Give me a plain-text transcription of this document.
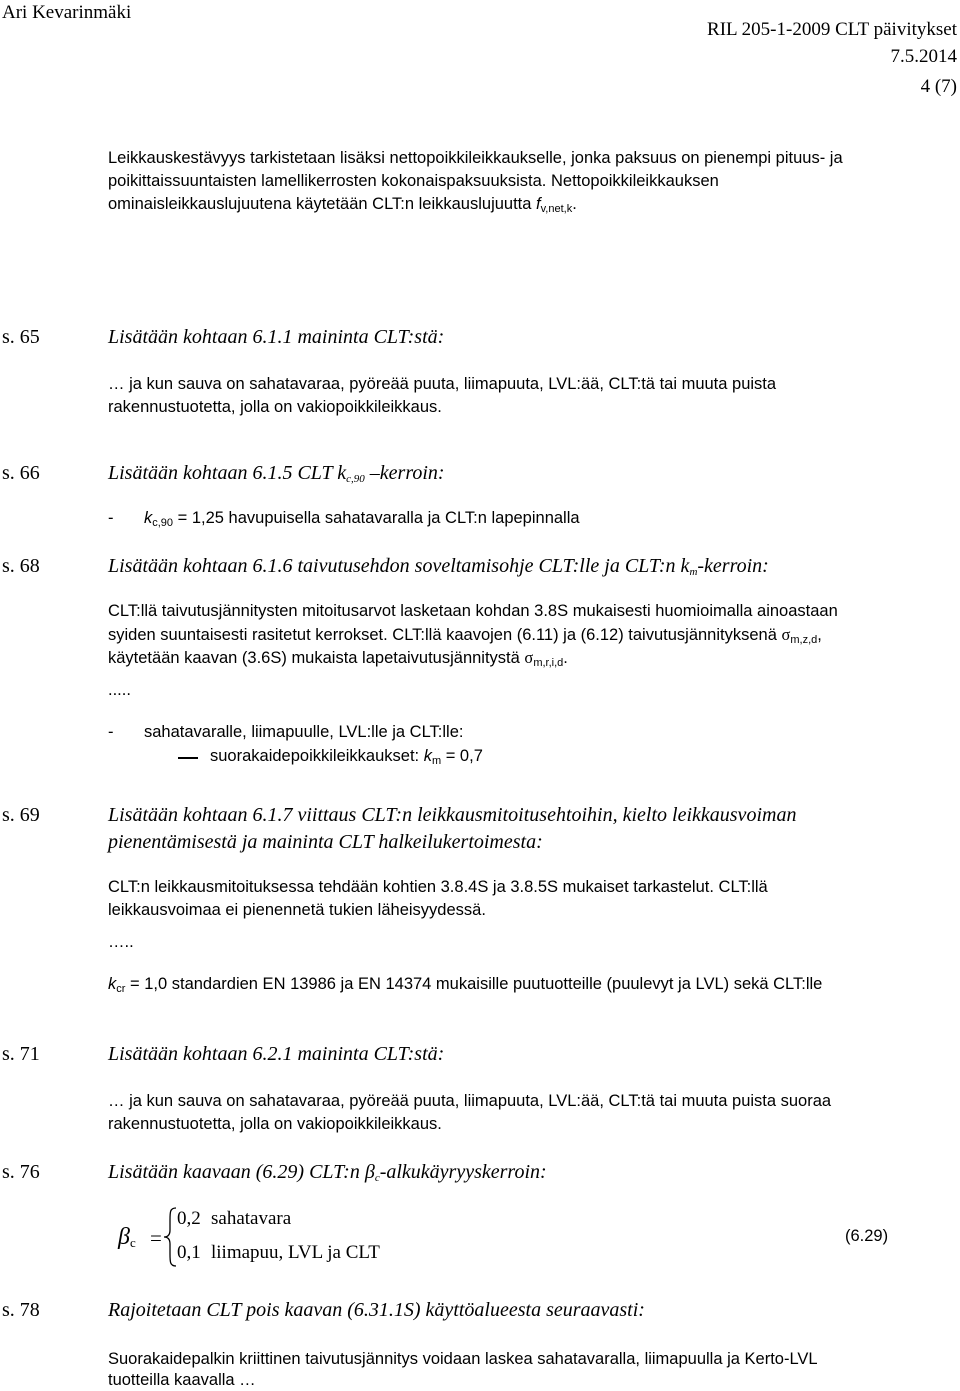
Ari Kevarinmäki
RIL 205-1-2009 CLT päivitykset
7.5.2014
4 (7)
Leikkauskestävyys tarkistetaan lisäksi nettopoikkileikkaukselle, jonka paksuus on pienempi pituus- ja
poikittaissuuntaisten lamellikerrosten kokonaispaksuuksista. Nettopoikkileikkauksen
ominaisleikkauslujuutena käytetään CLT:n leikkauslujuutta $f_{v,net,k}$.
s. 65	Lisätään kohtaan 6.1.1 maininta CLT:stä:
… ja kun sauva on sahatavaraa, pyöreää puuta, liimapuuta, LVL:ää, CLT:tä tai muuta puista
rakennustuotetta, jolla on vakiopoikkileikkaus.
s. 66	Lisätään kohtaan 6.1.5 CLT $k_{c,90}$ –kerroin:
- $k_{c,90} = 1,25$ havupuisella sahatavaralla ja CLT:n lapepinnalla
s. 68	Lisätään kohtaan 6.1.6 taivutusehdon soveltamisohje CLT:lle ja CLT:n $k_m$-kerroin:
CLT:llä taivutusjännitysten mitoitusarvot lasketaan kohdan 3.8S mukaisesti huomioimalla ainoastaan
syiden suuntaisesti rasitetut kerrokset. CLT:llä kaavojen (6.11) ja (6.12) taivutusjännityksenä $\sigma_{m,z,d}$,
käytetään kaavan (3.6S) mukaista lapetaivutusjännitystä $\sigma_{m,r,i,d}$.
.....
- sahatavaralle, liimapuulle, LVL:lle ja CLT:lle:
suorakaidepoikkileikkaukset: $k_m = 0,7$
s. 69	Lisätään kohtaan 6.1.7 viittaus CLT:n leikkausmitoitusehtoihin, kielto leikkausvoiman
pienentämisestä ja maininta CLT halkeilukertoimesta:
CLT:n leikkausmitoituksessa tehdään kohtien 3.8.4S ja 3.8.5S mukaiset tarkastelut. CLT:llä
leikkausvoimaa ei pienennetä tukien läheisyydessä.
…..
$k_{cr} = 1,0$ standardien EN 13986 ja EN 14374 mukaisille puutuotteille (puulevyt ja LVL) sekä CLT:lle
s. 71	Lisätään kohtaan 6.2.1 maininta CLT:stä:
… ja kun sauva on sahatavaraa, pyöreää puuta, liimapuuta, LVL:ää, CLT:tä tai muuta puista suoraa
rakennustuotetta, jolla on vakiopoikkileikkaus.
s. 76	Lisätään kaavaan (6.29) CLT:n $\beta_c$-alkukäyryyskerroin:
$\beta_c$ =
0,2 sahatavara
0,1 liimapuu, LVL ja CLT
(6.29)
s. 78	Rajoitetaan CLT pois kaavan (6.31.1S) käyttöalueesta seuraavasti:
Suorakaidepalkin kriittinen taivutusjännitys voidaan laskea sahatavaralla, liimapuulla ja Kerto-LVL
tuotteilla kaavalla …
